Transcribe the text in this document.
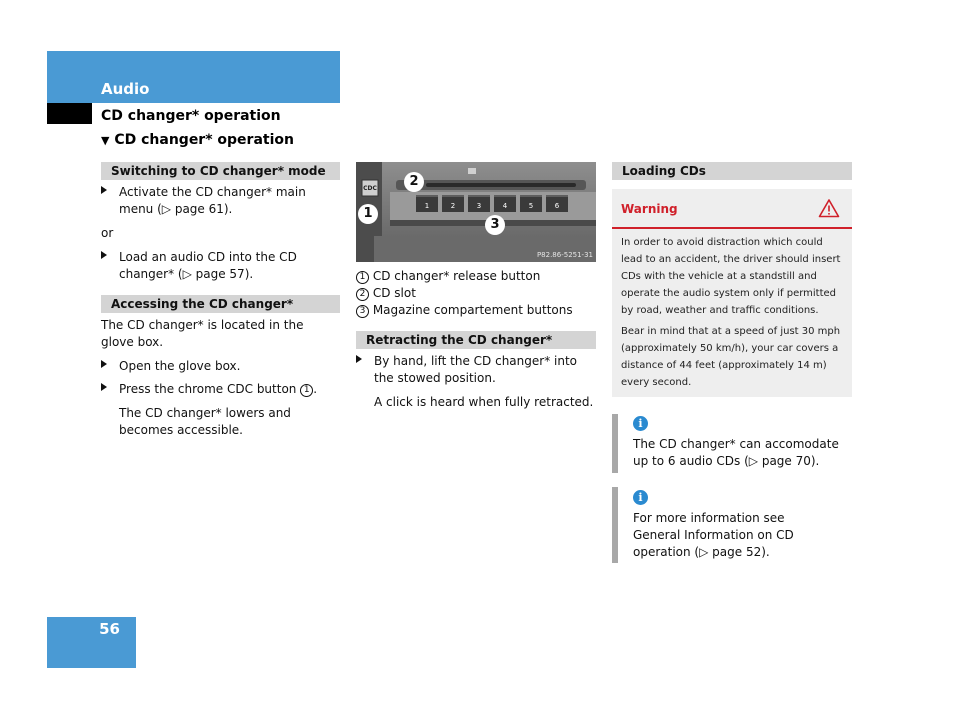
Audio
CD changer* operation
▼ CD changer* operation
Switching to CD changer* mode
Activate the CD changer* main menu (▷ page 61).
or
Load an audio CD into the CD changer* (▷ page 57).
Accessing the CD changer*
The CD changer* is located in the glove box.
Open the glove box.
Press the chrome CDC button 1 .
The CD changer* lowers and becomes accessible.
CDC
1	2	3	4	5	6
1
2
3
P82.86-5251-31
1 CD changer* release button
2 CD slot
3 Magazine compartement buttons
Retracting the CD changer*
By hand, lift the CD changer* into the stowed position.
A click is heard when fully retracted.
Loading CDs
Warning
In order to avoid distraction which could lead to an accident, the driver should insert CDs with the vehicle at a standstill and operate the audio system only if permitted by road, weather and traffic conditions.
Bear in mind that at a speed of just 30 mph (approximately 50 km/h), your car covers a distance of 44 feet (approximately 14 m) every second.
i
The CD changer* can accomodate up to 6 audio CDs (▷ page 70).
i
For more information see General Information on CD operation (▷ page 52).
56
